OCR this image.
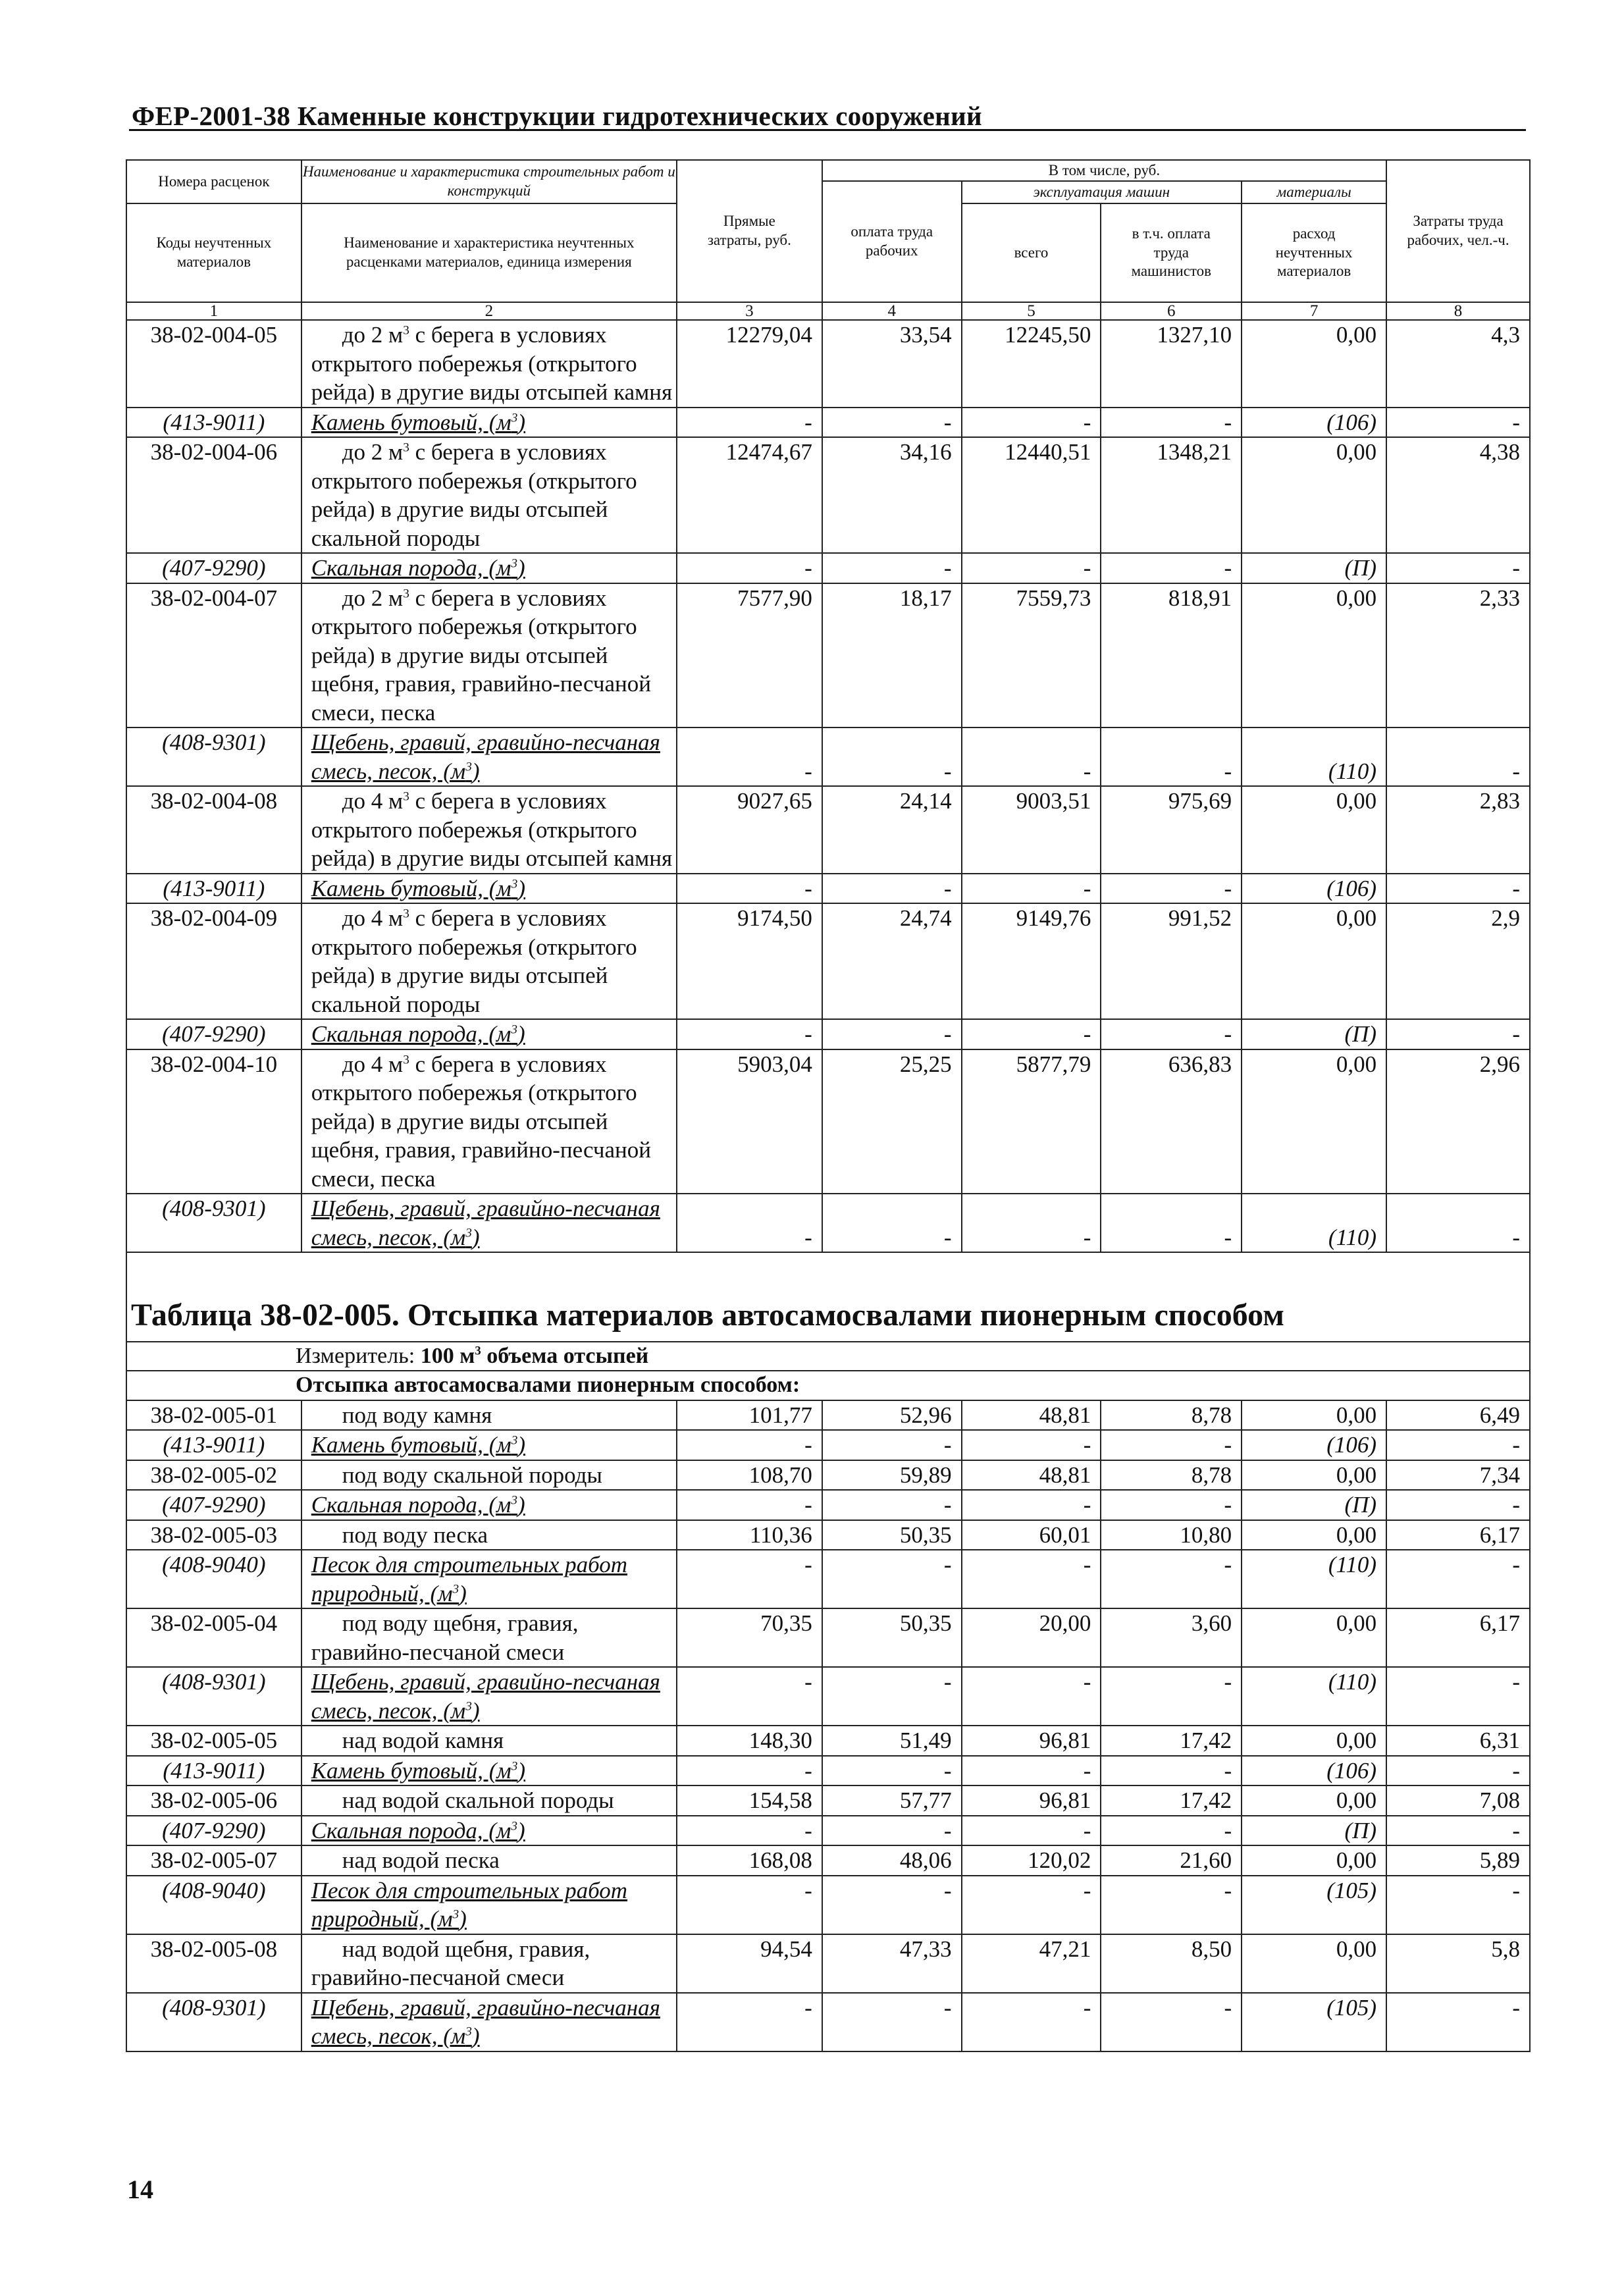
ФЕР-2001-38 Каменные конструкции гидротехнических сооружений
Номера расценок	Наименование и характеристика строительных работ и конструкций	Прямые затраты, руб.	В том числе, руб.				Затраты труда рабочих, чел.-ч.
			оплата труда рабочих	эксплуатация машин		материалы	
Коды неучтенных материалов	Наименование и характеристика неучтенных расценками материалов, единица измерения			всего	в т.ч. оплата труда машинистов	расход неучтенных материалов	

1	2	3	4	5	6	7	8

38-02-004-05	до 2 $м^3$ с берега в условиях открытого побережья (открытого рейда) в другие виды отсыпей камня	12279,04	33,54	12245,50	1327,10	0,00	4,3

(413-9011)	Камень бутовый, $(м^3)$	-	-	-	-	(106)	-

38-02-004-06	до 2 $м^3$ с берега в условиях открытого побережья (открытого рейда) в другие виды отсыпей скальной породы	12474,67	34,16	12440,51	1348,21	0,00	4,38

(407-9290)	Скальная порода, $(м^3)$	-	-	-	-	(П)	-

38-02-004-07	до 2 $м^3$ с берега в условиях открытого побережья (открытого рейда) в другие виды отсыпей щебня, гравия, гравийно-песчаной смеси, песка	7577,90	18,17	7559,73	818,91	0,00	2,33

(408-9301)	Щебень, гравий, гравийно-песчаная смесь, песок, $(м^3)$	-	-	-	-	(110)	-

38-02-004-08	до 4 $м^3$ с берега в условиях открытого побережья (открытого рейда) в другие виды отсыпей камня	9027,65	24,14	9003,51	975,69	0,00	2,83

(413-9011)	Камень бутовый, $(м^3)$	-	-	-	-	(106)	-

38-02-004-09	до 4 $м^3$ с берега в условиях открытого побережья (открытого рейда) в другие виды отсыпей скальной породы	9174,50	24,74	9149,76	991,52	0,00	2,9

(407-9290)	Скальная порода, $(м^3)$	-	-	-	-	(П)	-

38-02-004-10	до 4 $м^3$ с берега в условиях открытого побережья (открытого рейда) в другие виды отсыпей щебня, гравия, гравийно-песчаной смеси, песка	5903,04	25,25	5877,79	636,83	0,00	2,96

(408-9301)	Щебень, гравий, гравийно-песчаная смесь, песок, $(м^3)$	-	-	-	-	(110)	-

Таблица 38-02-005. Отсыпка материалов автосамосвалами пионерным способом							
Измеритель: 100 $м^3$ объема отсыпей							
Отсыпка автосамосвалами пионерным способом:							
38-02-005-01	под воду камня	101,77	52,96	48,81	8,78	0,00	6,49

(413-9011)	Камень бутовый, $(м^3)$	-	-	-	-	(106)	-
38-02-005-02	под воду скальной породы	108,70	59,89	48,81	8,78	0,00	7,34

(407-9290)	Скальная порода, $(м^3)$	-	-	-	-	(П)	-
38-02-005-03	под воду песка	110,36	50,35	60,01	10,80	0,00	6,17

(408-9040)	Песок для строительных работ природный, $(м^3)$	-	-	-	-	(110)	-
38-02-005-04	под воду щебня, гравия, гравийно-песчаной смеси	70,35	50,35	20,00	3,60	0,00	6,17

(408-9301)	Щебень, гравий, гравийно-песчаная смесь, песок, $(м^3)$	-	-	-	-	(110)	-
38-02-005-05	над водой камня	148,30	51,49	96,81	17,42	0,00	6,31

(413-9011)	Камень бутовый, $(м^3)$	-	-	-	-	(106)	-
38-02-005-06	над водой скальной породы	154,58	57,77	96,81	17,42	0,00	7,08

(407-9290)	Скальная порода, $(м^3)$	-	-	-	-	(П)	-
38-02-005-07	над водой песка	168,08	48,06	120,02	21,60	0,00	5,89

(408-9040)	Песок для строительных работ природный, $(м^3)$	-	-	-	-	(105)	-
38-02-005-08	над водой щебня, гравия, гравийно-песчаной смеси	94,54	47,33	47,21	8,50	0,00	5,8

(408-9301)	Щебень, гравий, гравийно-песчаная смесь, песок, $(м^3)$	-	-	-	-	(105)	-
14
